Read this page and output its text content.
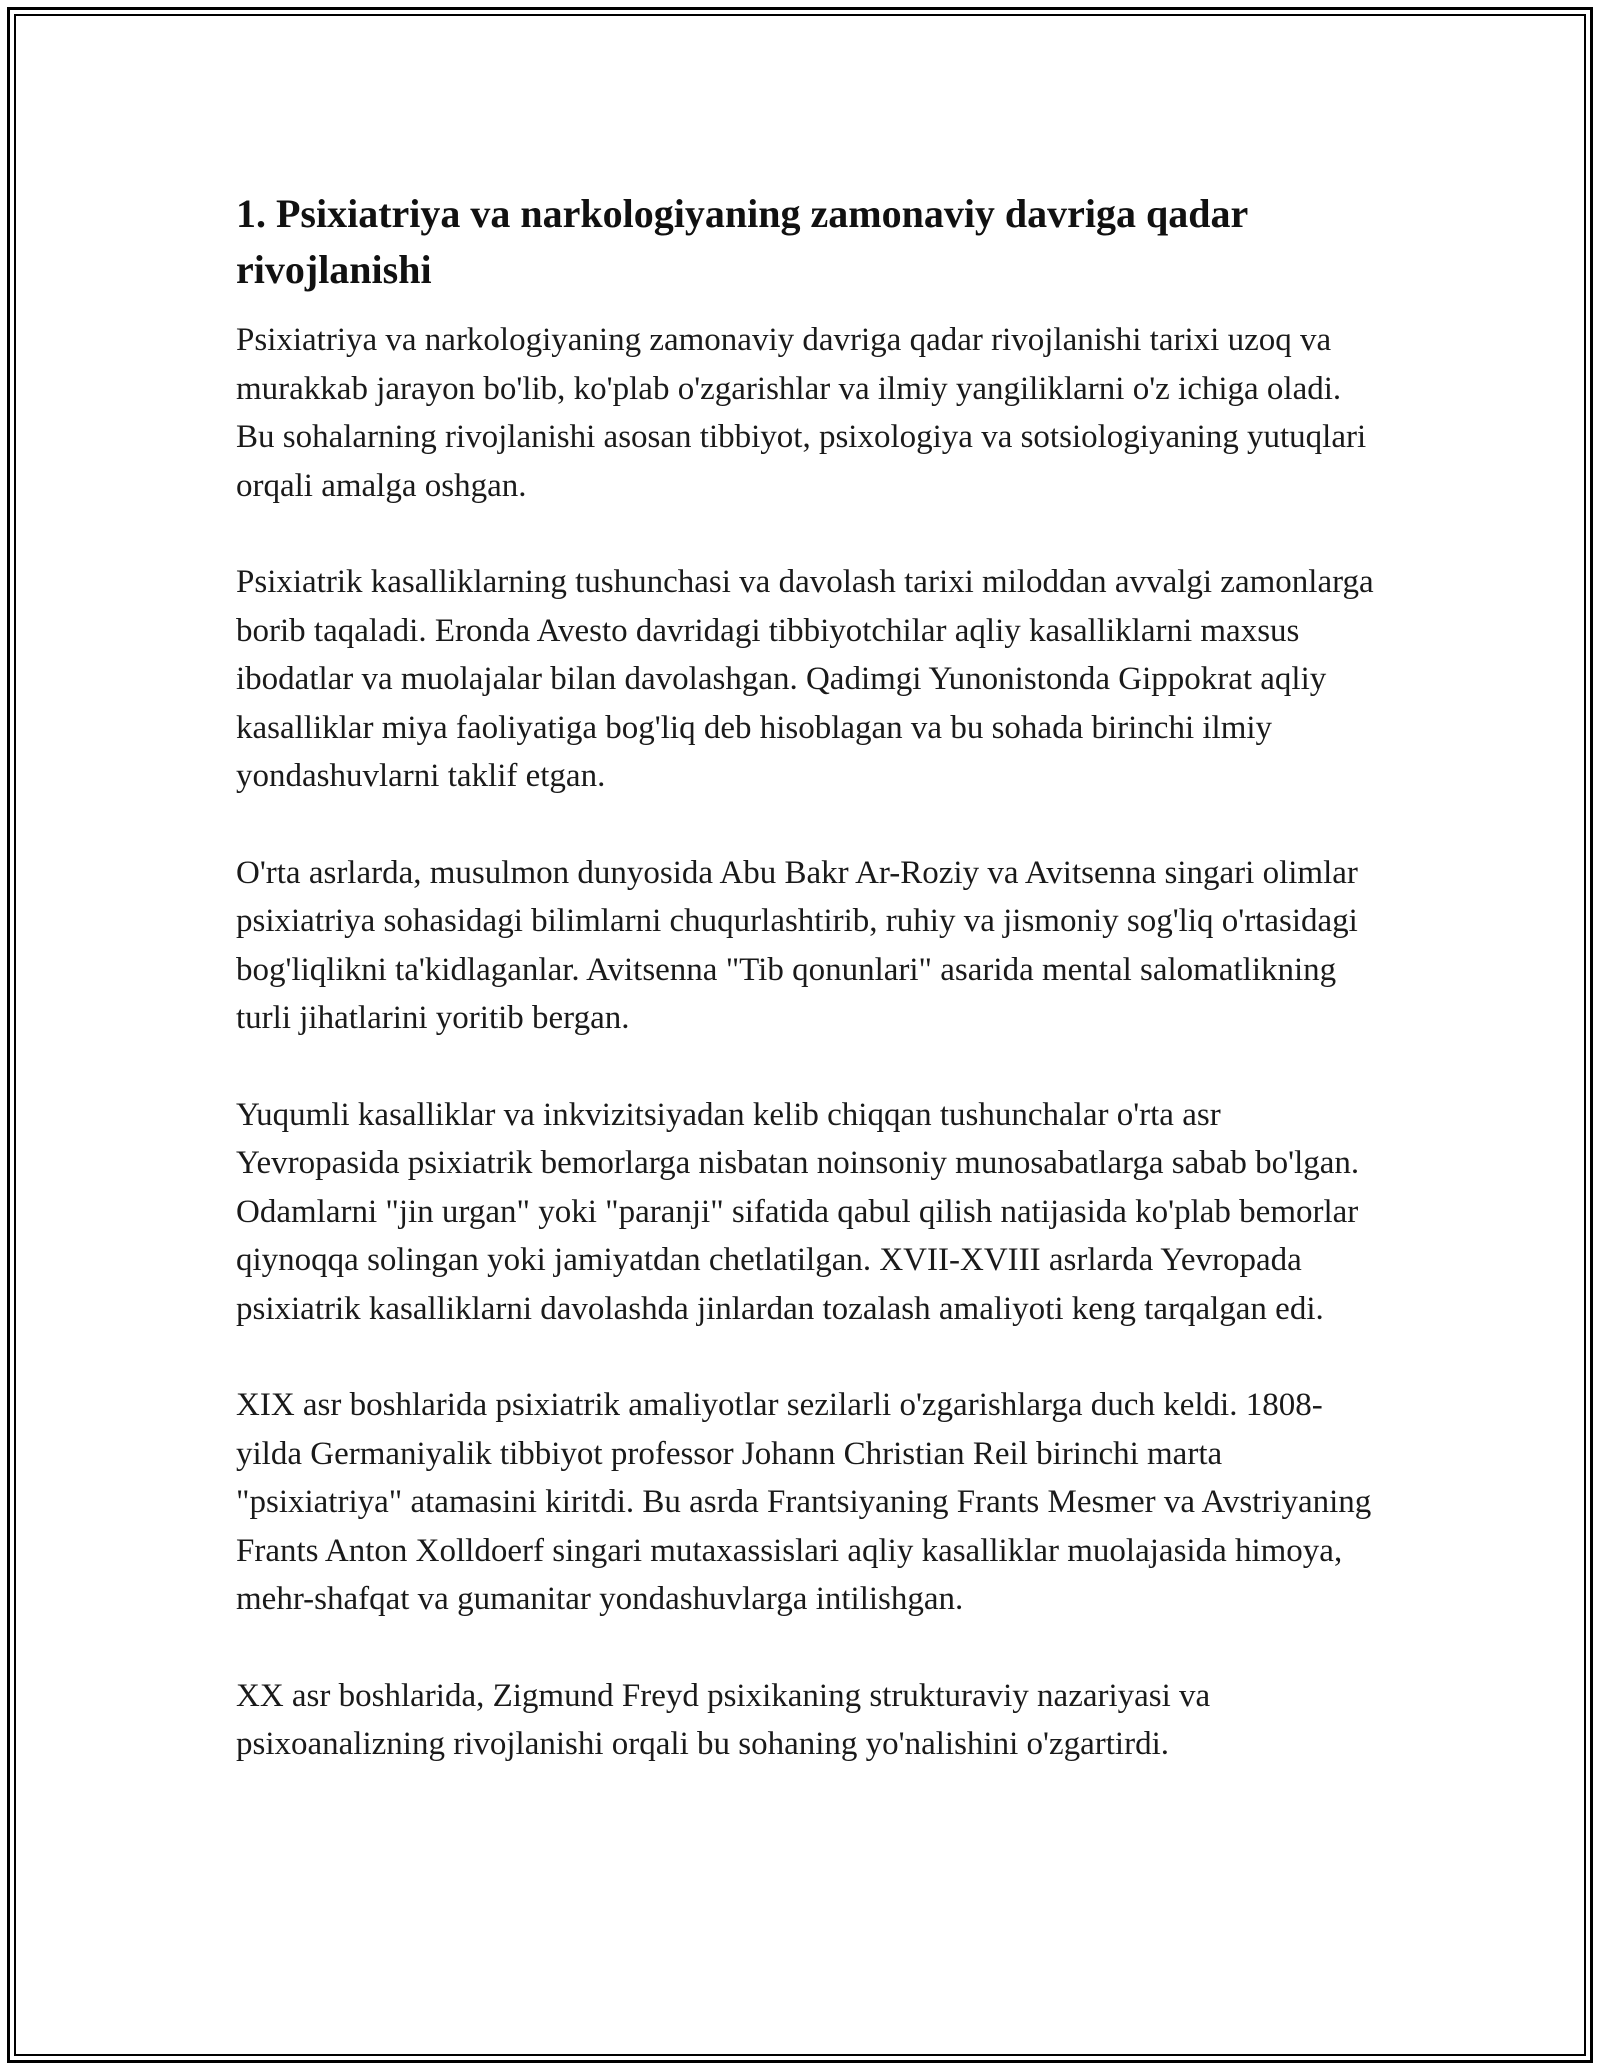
1. Psixiatriya va narkologiyaning zamonaviy davriga qadar rivojlanishi

Psixiatriya va narkologiyaning zamonaviy davriga qadar rivojlanishi tarixi uzoq va murakkab jarayon bo'lib, ko'plab o'zgarishlar va ilmiy yangiliklarni o'z ichiga oladi. Bu sohalarning rivojlanishi asosan tibbiyot, psixologiya va sotsiologiyaning yutuqlari orqali amalga oshgan.

Psixiatrik kasalliklarning tushunchasi va davolash tarixi miloddan avvalgi zamonlarga borib taqaladi. Eronda Avesto davridagi tibbiyotchilar aqliy kasalliklarni maxsus ibodatlar va muolajalar bilan davolashgan. Qadimgi Yunonistonda Gippokrat aqliy kasalliklar miya faoliyatiga bog'liq deb hisoblagan va bu sohada birinchi ilmiy yondashuvlarni taklif etgan.

O'rta asrlarda, musulmon dunyosida Abu Bakr Ar-Roziy va Avitsenna singari olimlar psixiatriya sohasidagi bilimlarni chuqurlashtirib, ruhiy va jismoniy sog'liq o'rtasidagi bog'liqlikni ta'kidlaganlar. Avitsenna "Tib qonunlari" asarida mental salomatlikning turli jihatlarini yoritib bergan.

Yuqumli kasalliklar va inkvizitsiyadan kelib chiqqan tushunchalar o'rta asr Yevropasida psixiatrik bemorlarga nisbatan noinsoniy munosabatlarga sabab bo'lgan. Odamlarni "jin urgan" yoki "paranji" sifatida qabul qilish natijasida ko'plab bemorlar qiynoqqa solingan yoki jamiyatdan chetlatilgan. XVII-XVIII asrlarda Yevropada psixiatrik kasalliklarni davolashda jinlardan tozalash amaliyoti keng tarqalgan edi.

XIX asr boshlarida psixiatrik amaliyotlar sezilarli o'zgarishlarga duch keldi. 1808-yilda Germaniyalik tibbiyot professor Johann Christian Reil birinchi marta "psixiatriya" atamasini kiritdi. Bu asrda Frantsiyaning Frants Mesmer va Avstriyaning Frants Anton Xolldoerf singari mutaxassislari aqliy kasalliklar muolajasida himoya, mehr-shafqat va gumanitar yondashuvlarga intilishgan.

XX asr boshlarida, Zigmund Freyd psixikaning strukturaviy nazariyasi va psixoanalizning rivojlanishi orqali bu sohaning yo'nalishini o'zgartirdi.
